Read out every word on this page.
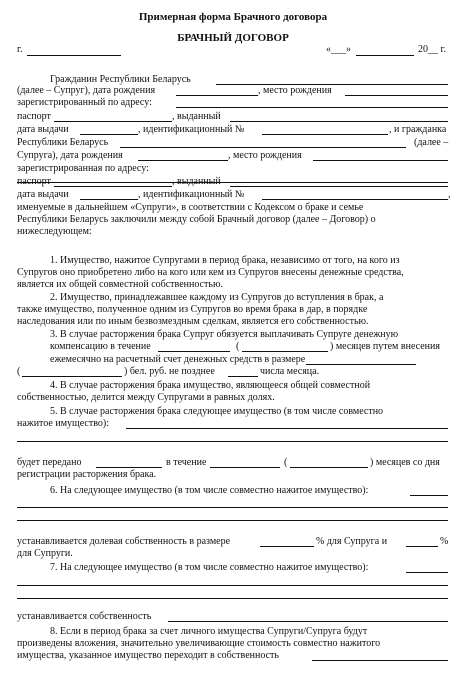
Примерная форма Брачного договора
БРАЧНЫЙ ДОГОВОР
г.	«___»	20__ г.
Гражданин Республики Беларусь
(далее – Супруг), дата рождения	, место рождения
зарегистрированный по адресу:
паспорт	, выданный
дата выдачи	, идентификационный №	, и гражданка
Республики Беларусь	(далее –
Супруга), дата рождения	, место рождения
зарегистрированная по адресу:
паспорт	, выданный
дата выдачи	, идентификационный №	,
именуемые в дальнейшем «Супруги», в соответствии с Кодексом о браке и семье
Республики Беларусь заключили между собой Брачный договор (далее – Договор) о
нижеследующем:
1. Имущество, нажитое Супругами в период брака, независимо от того, на кого из
Супругов оно приобретено либо на кого или кем из Супругов внесены денежные средства,
является их общей совместной собственностью.
2. Имущество, принадлежавшее каждому из Супругов до вступления в брак, а
также имущество, полученное одним из Супругов во время брака в дар, в порядке
наследования или по иным безвозмездным сделкам, является его собственностью.
3. В случае расторжения брака Супруг обязуется выплачивать Супруге денежную
компенсацию в течение	(	) месяцев путем внесения
ежемесячно на расчетный счет денежных средств в размере
(	) бел. руб. не позднее	числа месяца.
4. В случае расторжения брака имущество, являющееся общей совместной
собственностью, делится между Супругами в равных долях.
5. В случае расторжения брака следующее имущество (в том числе совместно
нажитое имущество):
будет передано	в течение	(	) месяцев со дня
регистрации расторжения брака.
6. На следующее имущество (в том числе совместно нажитое имущество):
устанавливается долевая собственность в размере	% для Супруга и	%
для Супруги.
7. На следующее имущество (в том числе совместно нажитое имущество):
устанавливается собственность
8. Если в период брака за счет личного имущества Супруги/Супруга будут
произведены вложения, значительно увеличивающие стоимость совместно нажитого
имущества, указанное имущество переходит в собственность
